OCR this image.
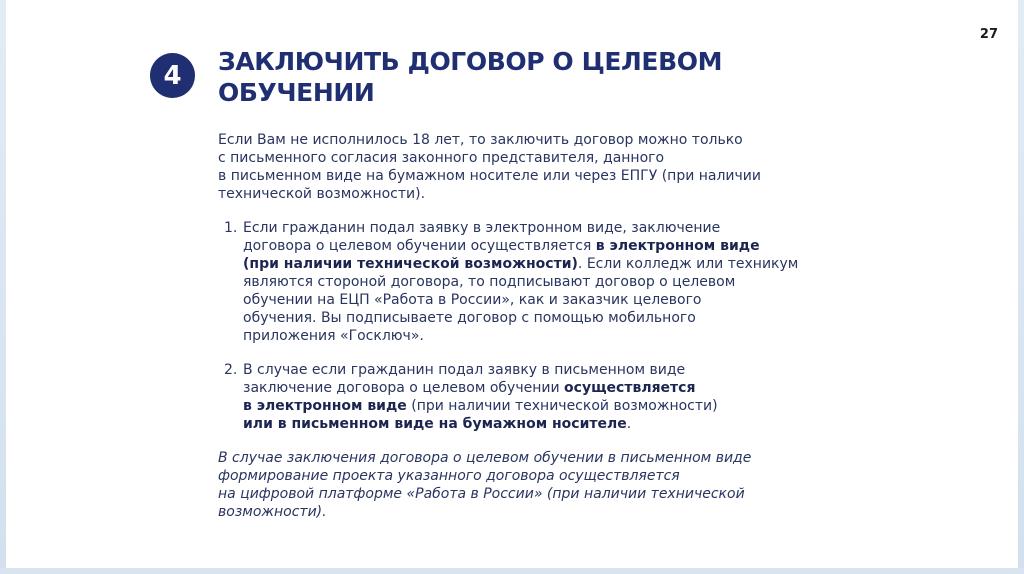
27
4	ЗАКЛЮЧИТЬ ДОГОВОР О ЦЕЛЕВОМ
ОБУЧЕНИИ

Если Вам не исполнилось 18 лет, то заключить договор можно только
с письменного согласия законного представителя, данного
в письменном виде на бумажном носителе или через ЕПГУ (при наличии
технической возможности).

1. Если гражданин подал заявку в электронном виде, заключение
договора о целевом обучении осуществляется в электронном виде
(при наличии технической возможности). Если колледж или техникум
являются стороной договора, то подписывают договор о целевом
обучении на ЕЦП «Работа в России», как и заказчик целевого
обучения. Вы подписываете договор с помощью мобильного
приложения «Госключ».
2. В случае если гражданин подал заявку в письменном виде
заключение договора о целевом обучении осуществляется
в электронном виде (при наличии технической возможности)
или в письменном виде на бумажном носителе.

В случае заключения договора о целевом обучении в письменном виде
формирование проекта указанного договора осуществляется
на цифровой платформе «Работа в России» (при наличии технической
возможности).
